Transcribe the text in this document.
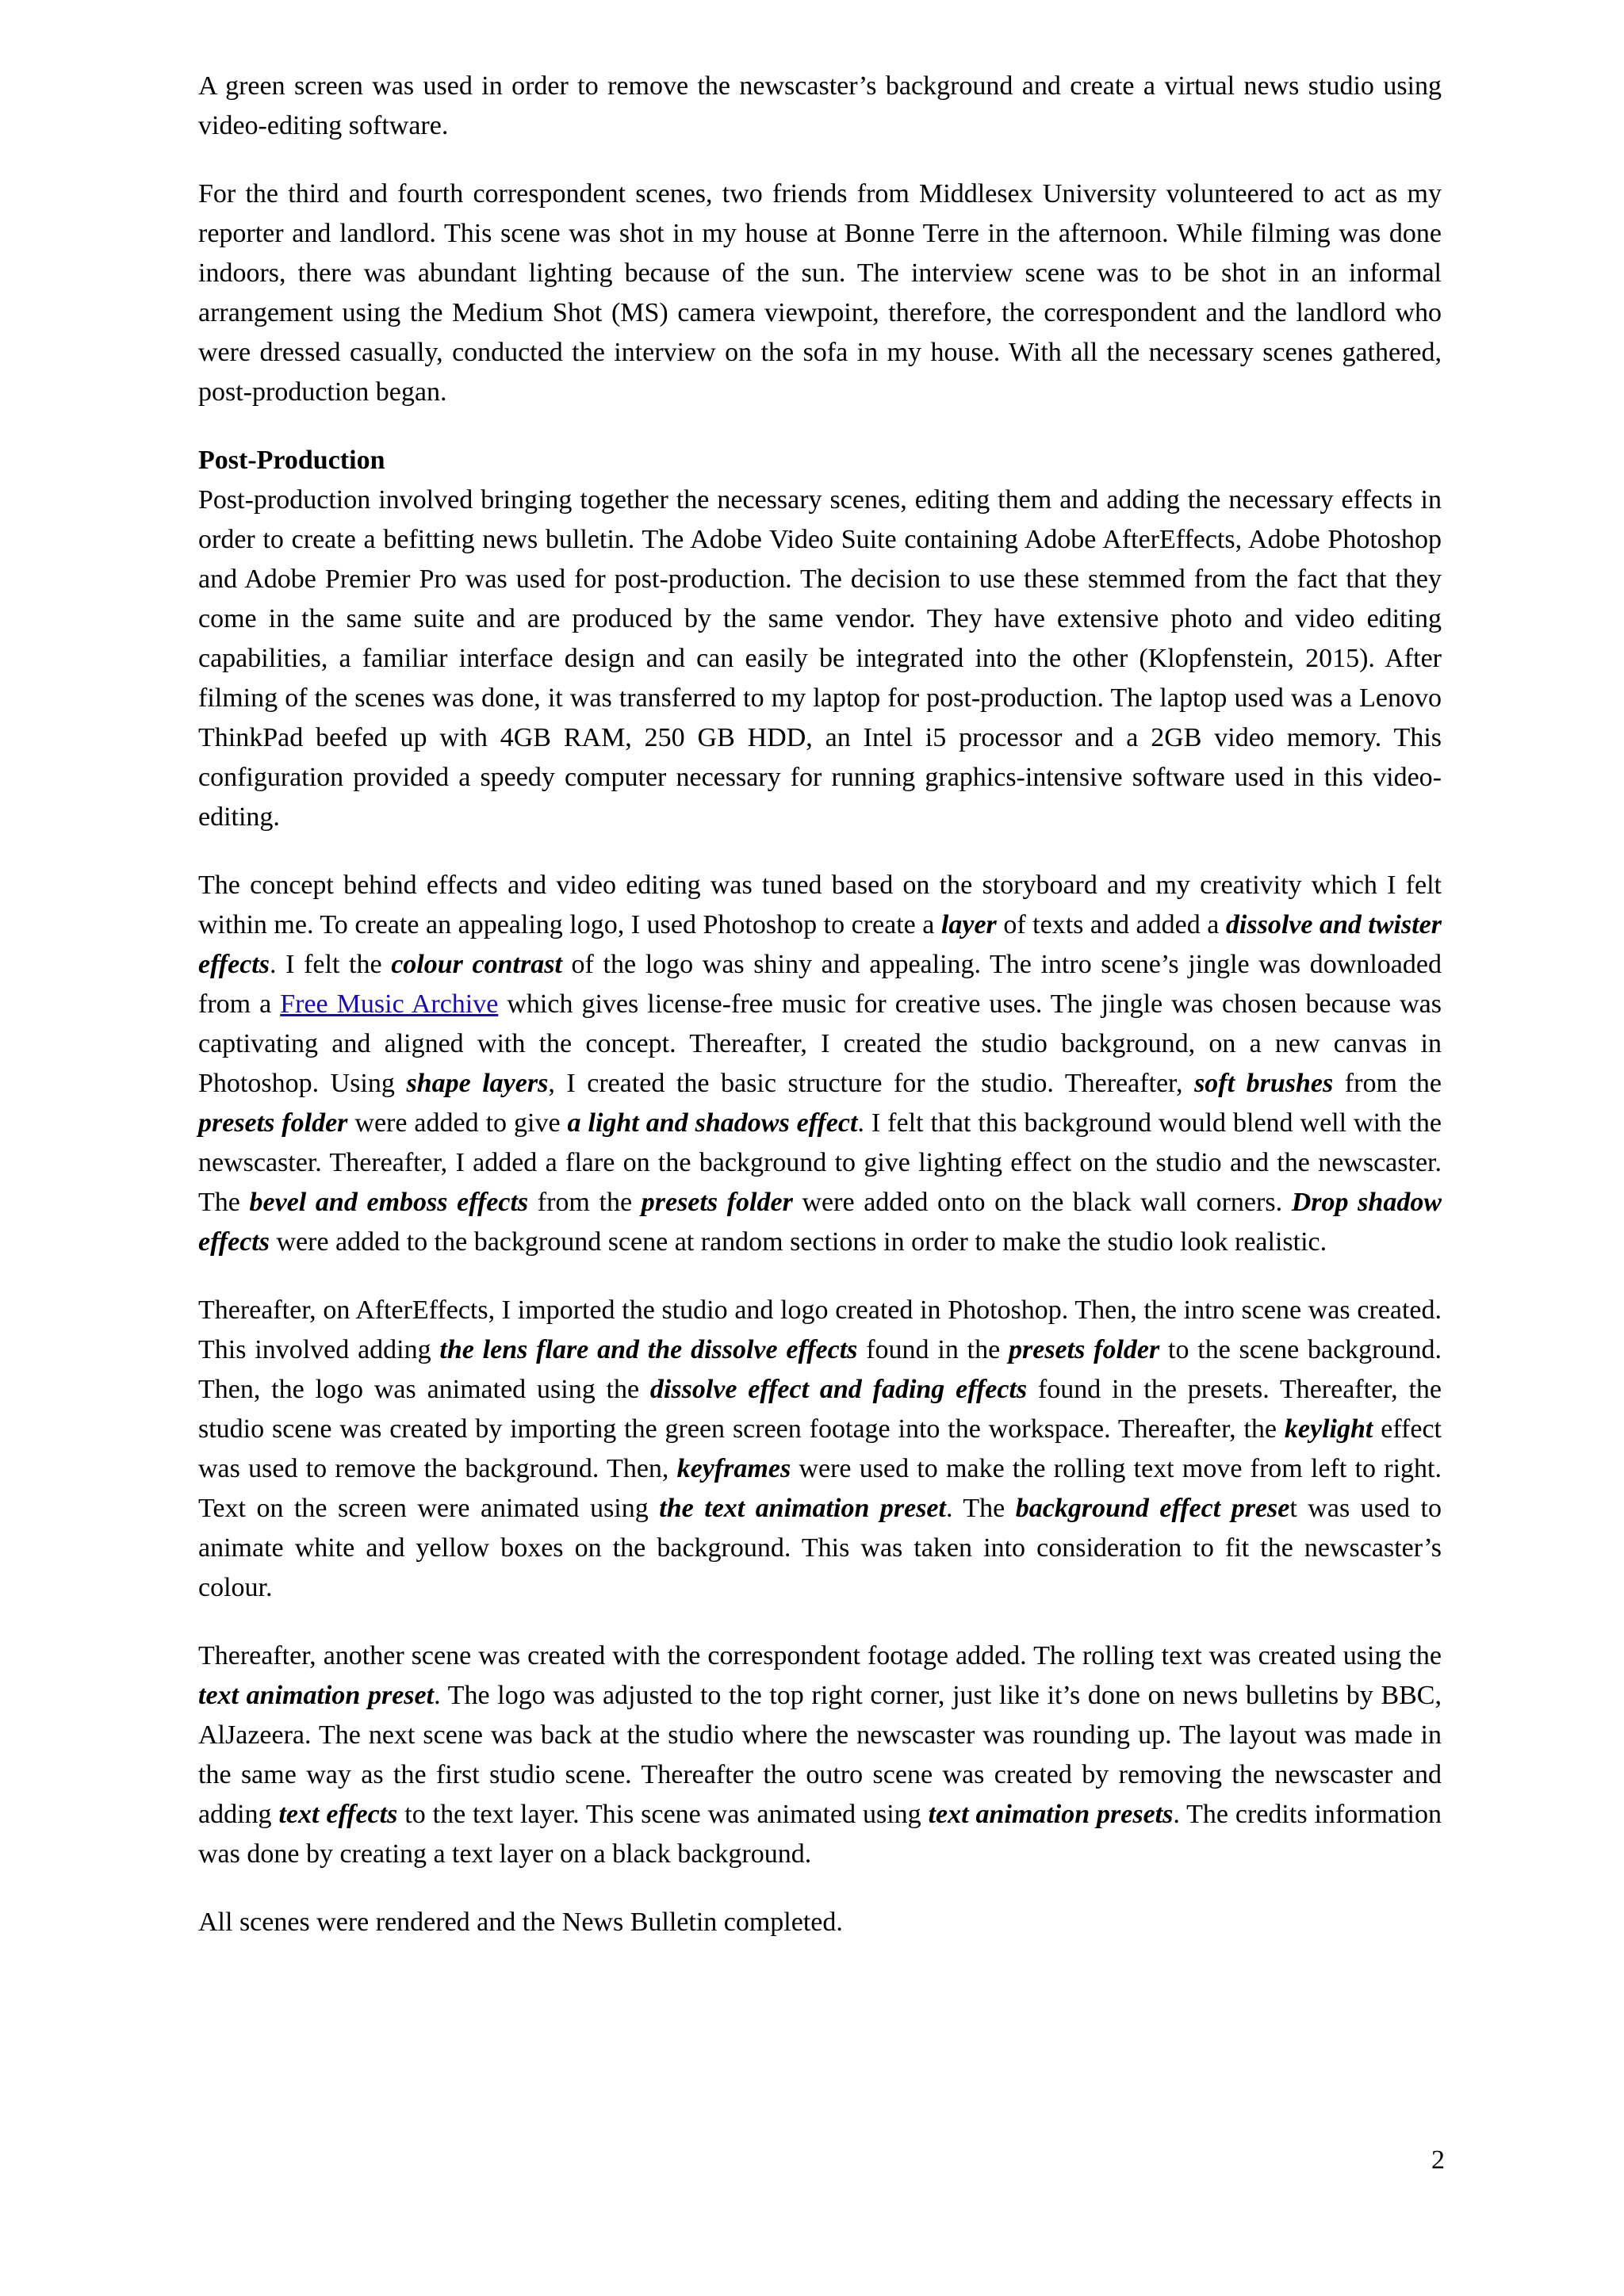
A green screen was used in order to remove the newscaster’s background and create a virtual news studio using video-editing software.

For the third and fourth correspondent scenes, two friends from Middlesex University volunteered to act as my reporter and landlord. This scene was shot in my house at Bonne Terre in the afternoon. While filming was done indoors, there was abundant lighting because of the sun. The interview scene was to be shot in an informal arrangement using the Medium Shot (MS) camera viewpoint, therefore, the correspondent and the landlord who were dressed casually, conducted the interview on the sofa in my house. With all the necessary scenes gathered, post-production began.

Post-Production

Post-production involved bringing together the necessary scenes, editing them and adding the necessary effects in order to create a befitting news bulletin. The Adobe Video Suite containing Adobe AfterEffects, Adobe Photoshop and Adobe Premier Pro was used for post-production. The decision to use these stemmed from the fact that they come in the same suite and are produced by the same vendor. They have extensive photo and video editing capabilities, a familiar interface design and can easily be integrated into the other (Klopfenstein, 2015). After filming of the scenes was done, it was transferred to my laptop for post-production. The laptop used was a Lenovo ThinkPad beefed up with 4GB RAM, 250 GB HDD, an Intel i5 processor and a 2GB video memory. This configuration provided a speedy computer necessary for running graphics-intensive software used in this video-editing.

The concept behind effects and video editing was tuned based on the storyboard and my creativity which I felt within me. To create an appealing logo, I used Photoshop to create a layer of texts and added a dissolve and twister effects. I felt the colour contrast of the logo was shiny and appealing. The intro scene’s jingle was downloaded from a Free Music Archive which gives license-free music for creative uses. The jingle was chosen because was captivating and aligned with the concept. Thereafter, I created the studio background, on a new canvas in Photoshop. Using shape layers, I created the basic structure for the studio. Thereafter, soft brushes from the presets folder were added to give a light and shadows effect. I felt that this background would blend well with the newscaster. Thereafter, I added a flare on the background to give lighting effect on the studio and the newscaster. The bevel and emboss effects from the presets folder were added onto on the black wall corners. Drop shadow effects were added to the background scene at random sections in order to make the studio look realistic.

Thereafter, on AfterEffects, I imported the studio and logo created in Photoshop. Then, the intro scene was created. This involved adding the lens flare and the dissolve effects found in the presets folder to the scene background. Then, the logo was animated using the dissolve effect and fading effects found in the presets. Thereafter, the studio scene was created by importing the green screen footage into the workspace. Thereafter, the keylight effect was used to remove the background. Then, keyframes were used to make the rolling text move from left to right. Text on the screen were animated using the text animation preset. The background effect preset was used to animate white and yellow boxes on the background. This was taken into consideration to fit the newscaster’s colour.

Thereafter, another scene was created with the correspondent footage added. The rolling text was created using the text animation preset. The logo was adjusted to the top right corner, just like it’s done on news bulletins by BBC, AlJazeera. The next scene was back at the studio where the newscaster was rounding up. The layout was made in the same way as the first studio scene. Thereafter the outro scene was created by removing the newscaster and adding text effects to the text layer. This scene was animated using text animation presets. The credits information was done by creating a text layer on a black background.

All scenes were rendered and the News Bulletin completed.

2
